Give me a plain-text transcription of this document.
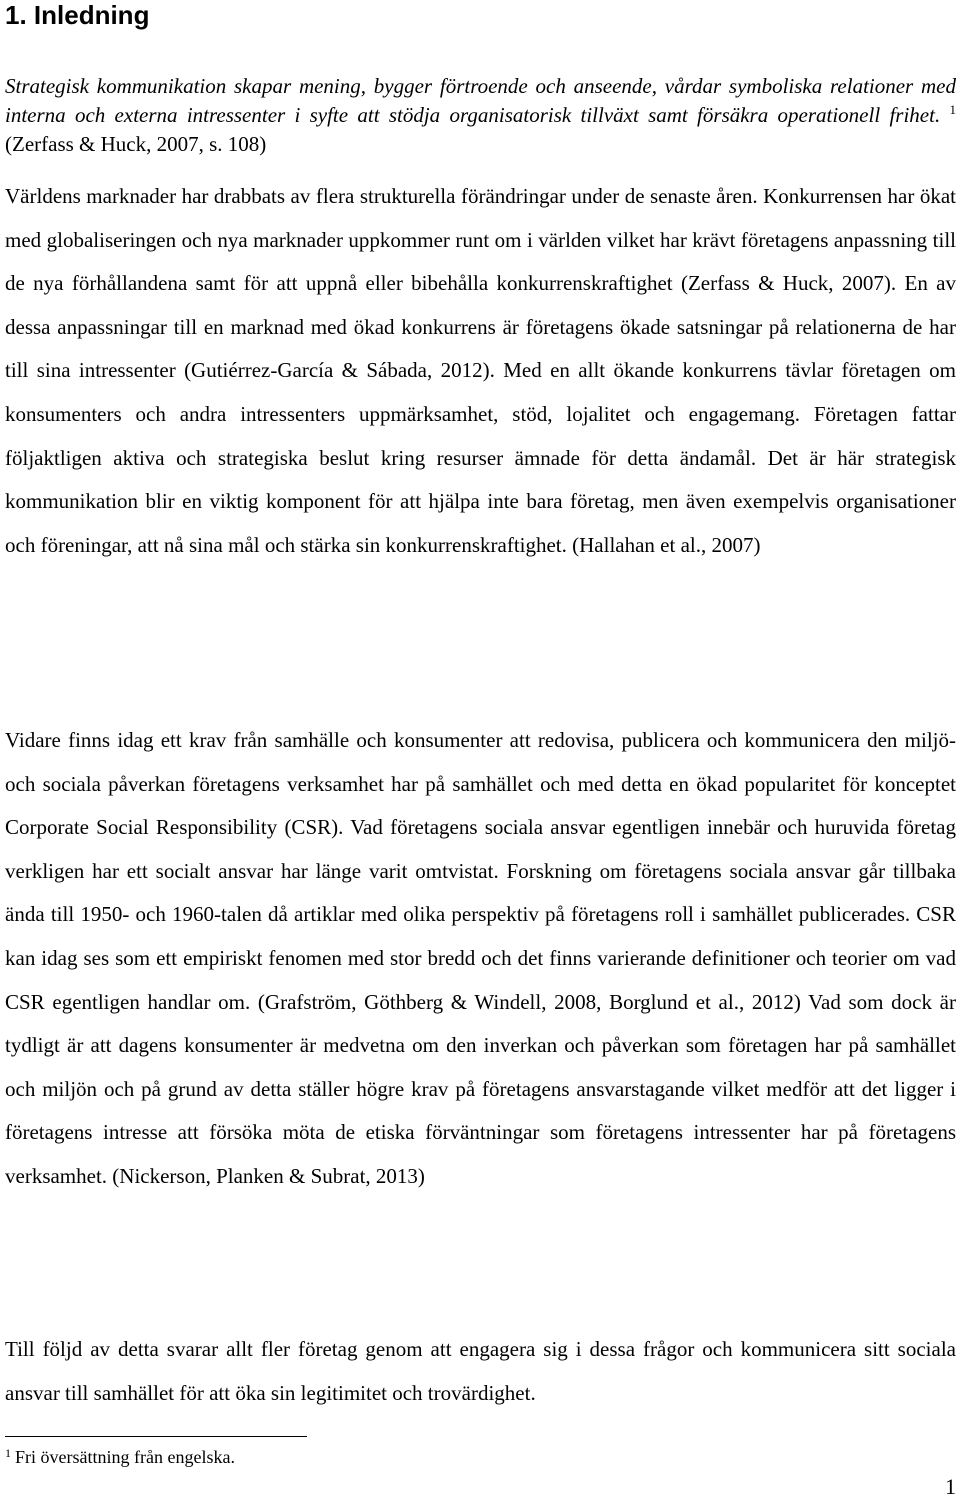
1. Inledning

Strategisk kommunikation skapar mening, bygger förtroende och anseende, vårdar symboliska relationer med interna och externa intressenter i syfte att stödja organisatorisk tillväxt samt försäkra operationell frihet. $^1$ (Zerfass & Huck, 2007, s. 108)

Världens marknader har drabbats av flera strukturella förändringar under de senaste åren. Konkurrensen har ökat med globaliseringen och nya marknader uppkommer runt om i världen vilket har krävt företagens anpassning till de nya förhållandena samt för att uppnå eller bibehålla konkurrenskraftighet (Zerfass & Huck, 2007). En av dessa anpassningar till en marknad med ökad konkurrens är företagens ökade satsningar på relationerna de har till sina intressenter (Gutiérrez-García & Sábada, 2012). Med en allt ökande konkurrens tävlar företagen om konsumenters och andra intressenters uppmärksamhet, stöd, lojalitet och engagemang. Företagen fattar följaktligen aktiva och strategiska beslut kring resurser ämnade för detta ändamål. Det är här strategisk kommunikation blir en viktig komponent för att hjälpa inte bara företag, men även exempelvis organisationer och föreningar, att nå sina mål och stärka sin konkurrenskraftighet. (Hallahan et al., 2007)

Vidare finns idag ett krav från samhälle och konsumenter att redovisa, publicera och kommunicera den miljö- och sociala påverkan företagens verksamhet har på samhället och med detta en ökad popularitet för konceptet Corporate Social Responsibility (CSR). Vad företagens sociala ansvar egentligen innebär och huruvida företag verkligen har ett socialt ansvar har länge varit omtvistat. Forskning om företagens sociala ansvar går tillbaka ända till 1950- och 1960-talen då artiklar med olika perspektiv på företagens roll i samhället publicerades. CSR kan idag ses som ett empiriskt fenomen med stor bredd och det finns varierande definitioner och teorier om vad CSR egentligen handlar om. (Grafström, Göthberg & Windell, 2008, Borglund et al., 2012) Vad som dock är tydligt är att dagens konsumenter är medvetna om den inverkan och påverkan som företagen har på samhället och miljön och på grund av detta ställer högre krav på företagens ansvarstagande vilket medför att det ligger i företagens intresse att försöka möta de etiska förväntningar som företagens intressenter har på företagens verksamhet. (Nickerson, Planken & Subrat, 2013)

Till följd av detta svarar allt fler företag genom att engagera sig i dessa frågor och kommunicera sitt sociala ansvar till samhället för att öka sin legitimitet och trovärdighet.

$^1$ Fri översättning från engelska.

1
